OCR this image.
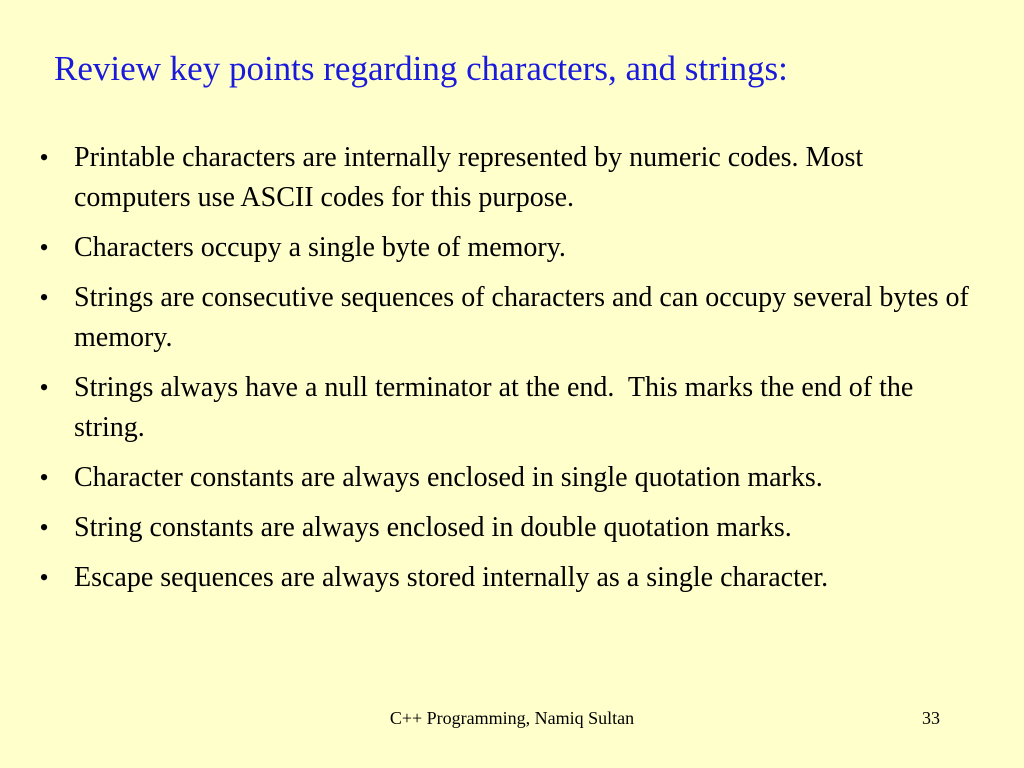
Review key points regarding characters, and strings:
• Printable characters are internally represented by numeric codes. Most computers use ASCII codes for this purpose.
• Characters occupy a single byte of memory.
• Strings are consecutive sequences of characters and can occupy several bytes of memory.
• Strings always have a null terminator at the end.  This marks the end of the string.
• Character constants are always enclosed in single quotation marks.
• String constants are always enclosed in double quotation marks.
• Escape sequences are always stored internally as a single character.
C++ Programming, Namiq Sultan	33
